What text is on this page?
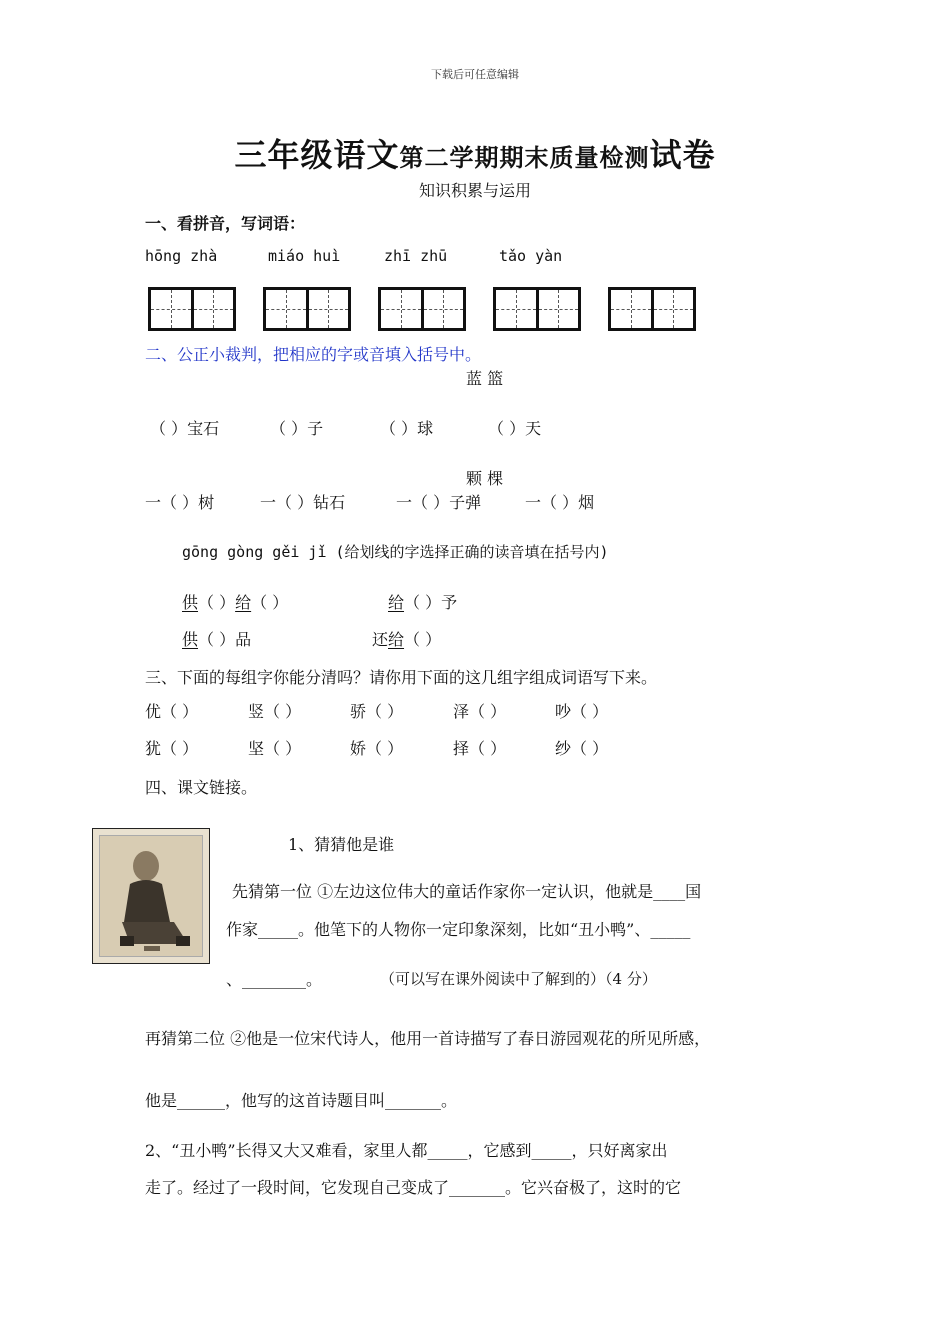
下载后可任意编辑
三年级语文第二学期期末质量检测试卷
知识积累与运用
一、看拼音，写词语：
hōng zhà	miáo huì	zhī zhū	tǎo yàn
二、公正小裁判，把相应的字或音填入括号中。
蓝 篮
（ ）宝石	（ ）子	（ ）球	（ ）天
颗 棵
一（ ）树	一（ ）钻石	一（ ）子弹	一（ ）烟
gōng gòng gěi jǐ (给划线的字选择正确的读音填在括号内)
供（ ）给（ ）	给（ ）予
供（ ）品	还给（ ）
三、下面的每组字你能分清吗？请你用下面的这几组字组成词语写下来。
优（ ）	竖（ ）	骄（ ）	泽（ ）	吵（ ）
犹（ ）	坚（ ）	娇（ ）	择（ ）	纱（ ）
四、课文链接。
1、猜猜他是谁
先猜第一位 ①左边这位伟大的童话作家你一定认识，他就是____国
作家_____。他笔下的人物你一定印象深刻，比如“丑小鸭”、_____
、________。	（可以写在课外阅读中了解到的）（4 分）
再猜第二位 ②他是一位宋代诗人，他用一首诗描写了春日游园观花的所见所感，
他是______，他写的这首诗题目叫_______。
2、“丑小鸭”长得又大又难看，家里人都_____，它感到_____，只好离家出
走了。经过了一段时间，它发现自己变成了_______。它兴奋极了，这时的它
